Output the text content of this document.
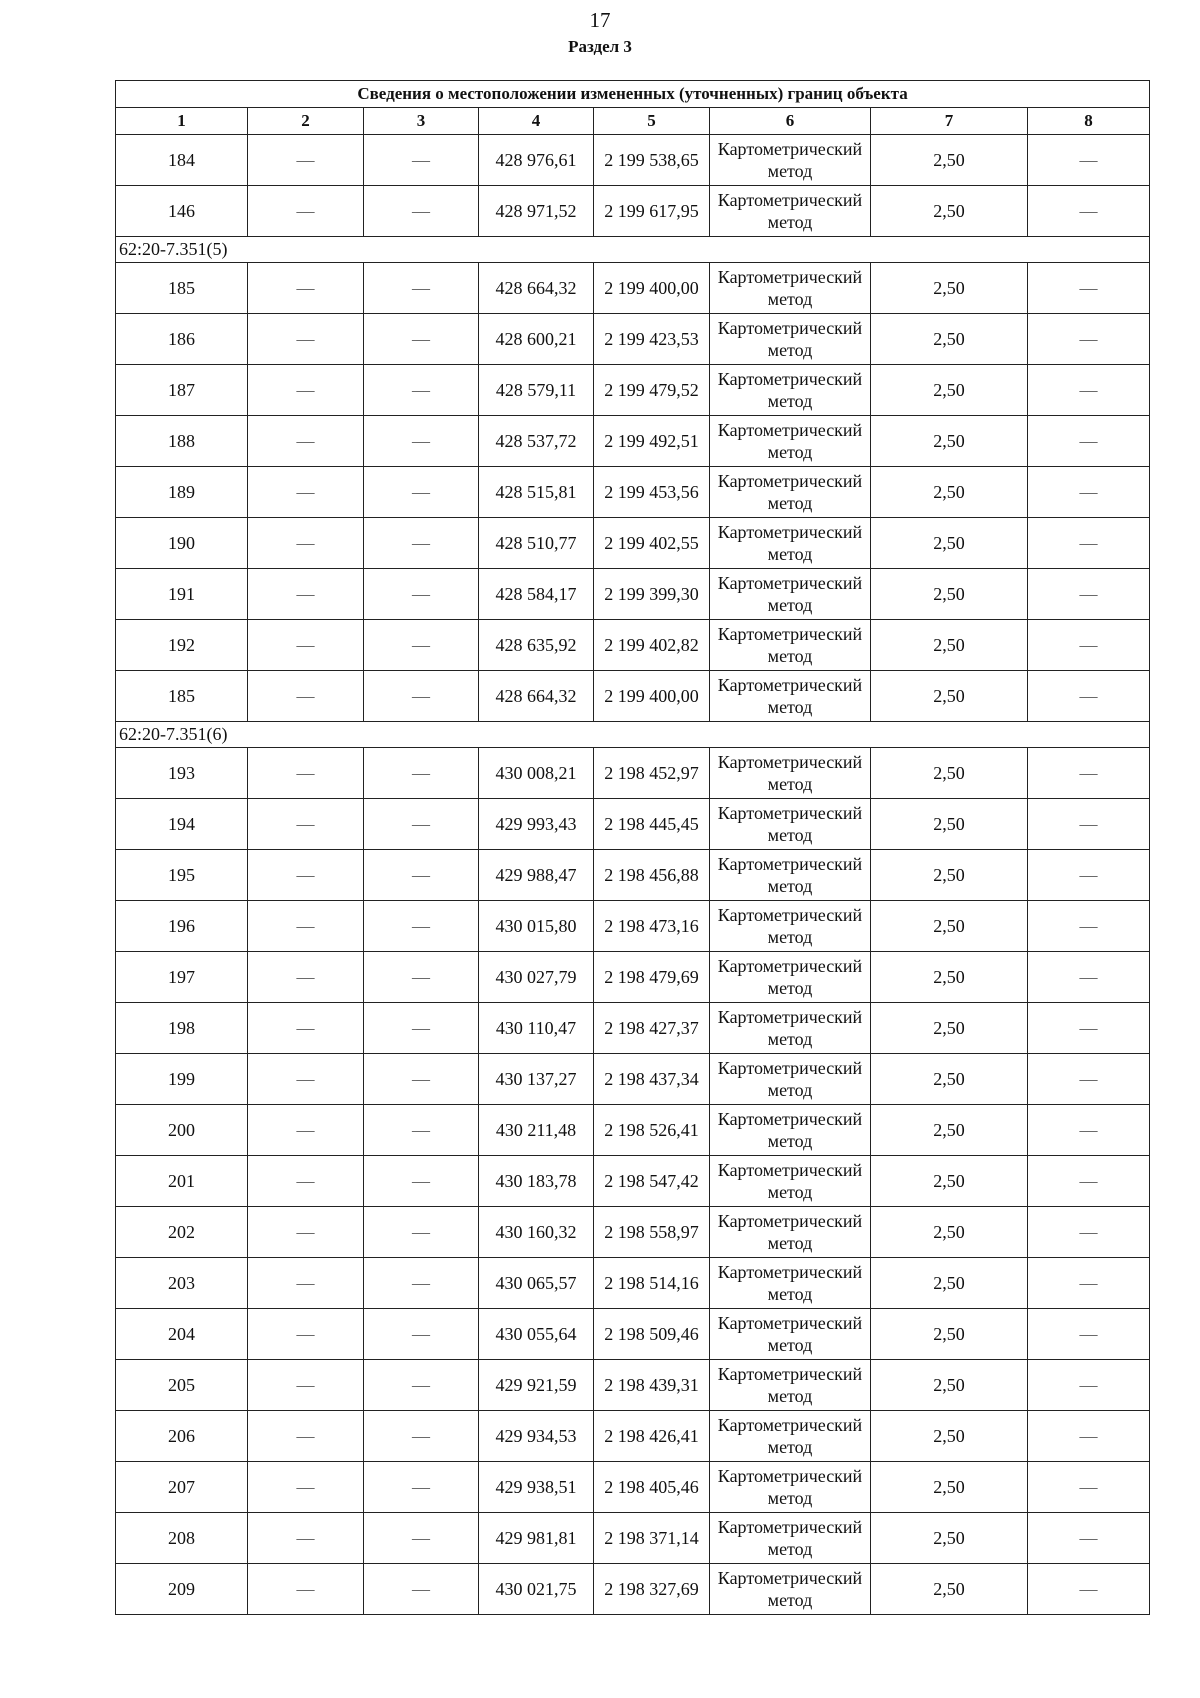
17
Раздел 3
Сведения о местоположении измененных (уточненных) границ объекта							
1	2	3	4	5	6	7	8
184	—	—	428 976,61	2 199 538,65	Картометрический метод	2,50	—
146	—	—	428 971,52	2 199 617,95	Картометрический метод	2,50	—
62:20-7.351(5)							
185	—	—	428 664,32	2 199 400,00	Картометрический метод	2,50	—
186	—	—	428 600,21	2 199 423,53	Картометрический метод	2,50	—
187	—	—	428 579,11	2 199 479,52	Картометрический метод	2,50	—
188	—	—	428 537,72	2 199 492,51	Картометрический метод	2,50	—
189	—	—	428 515,81	2 199 453,56	Картометрический метод	2,50	—
190	—	—	428 510,77	2 199 402,55	Картометрический метод	2,50	—
191	—	—	428 584,17	2 199 399,30	Картометрический метод	2,50	—
192	—	—	428 635,92	2 199 402,82	Картометрический метод	2,50	—
185	—	—	428 664,32	2 199 400,00	Картометрический метод	2,50	—
62:20-7.351(6)							
193	—	—	430 008,21	2 198 452,97	Картометрический метод	2,50	—
194	—	—	429 993,43	2 198 445,45	Картометрический метод	2,50	—
195	—	—	429 988,47	2 198 456,88	Картометрический метод	2,50	—
196	—	—	430 015,80	2 198 473,16	Картометрический метод	2,50	—
197	—	—	430 027,79	2 198 479,69	Картометрический метод	2,50	—
198	—	—	430 110,47	2 198 427,37	Картометрический метод	2,50	—
199	—	—	430 137,27	2 198 437,34	Картометрический метод	2,50	—
200	—	—	430 211,48	2 198 526,41	Картометрический метод	2,50	—
201	—	—	430 183,78	2 198 547,42	Картометрический метод	2,50	—
202	—	—	430 160,32	2 198 558,97	Картометрический метод	2,50	—
203	—	—	430 065,57	2 198 514,16	Картометрический метод	2,50	—
204	—	—	430 055,64	2 198 509,46	Картометрический метод	2,50	—
205	—	—	429 921,59	2 198 439,31	Картометрический метод	2,50	—
206	—	—	429 934,53	2 198 426,41	Картометрический метод	2,50	—
207	—	—	429 938,51	2 198 405,46	Картометрический метод	2,50	—
208	—	—	429 981,81	2 198 371,14	Картометрический метод	2,50	—
209	—	—	430 021,75	2 198 327,69	Картометрический метод	2,50	—
